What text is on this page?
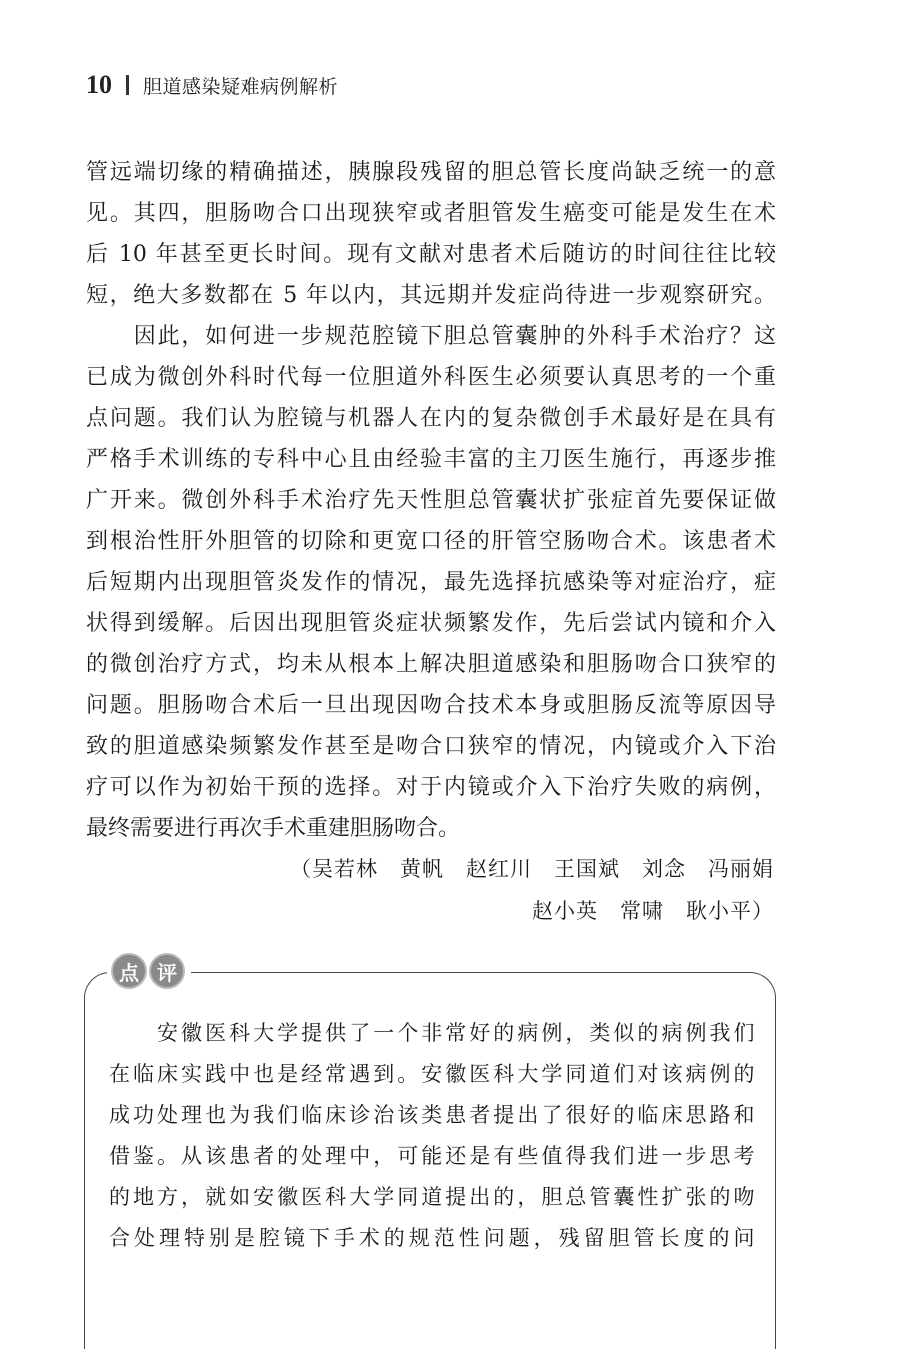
10 胆道感染疑难病例解析

管远端切缘的精确描述，胰腺段残留的胆总管长度尚缺乏统一的意

见。其四，胆肠吻合口出现狭窄或者胆管发生癌变可能是发生在术

后 10 年甚至更长时间。现有文献对患者术后随访的时间往往比较

短，绝大多数都在 5 年以内，其远期并发症尚待进一步观察研究。

　　因此，如何进一步规范腔镜下胆总管囊肿的外科手术治疗？这

已成为微创外科时代每一位胆道外科医生必须要认真思考的一个重

点问题。我们认为腔镜与机器人在内的复杂微创手术最好是在具有

严格手术训练的专科中心且由经验丰富的主刀医生施行，再逐步推

广开来。微创外科手术治疗先天性胆总管囊状扩张症首先要保证做

到根治性肝外胆管的切除和更宽口径的肝管空肠吻合术。该患者术

后短期内出现胆管炎发作的情况，最先选择抗感染等对症治疗，症

状得到缓解。后因出现胆管炎症状频繁发作，先后尝试内镜和介入

的微创治疗方式，均未从根本上解决胆道感染和胆肠吻合口狭窄的

问题。胆肠吻合术后一旦出现因吻合技术本身或胆肠反流等原因导

致的胆道感染频繁发作甚至是吻合口狭窄的情况，内镜或介入下治

疗可以作为初始干预的选择。对于内镜或介入下治疗失败的病例，

最终需要进行再次手术重建胆肠吻合。

（吴若林　黄帆　赵红川　王国斌　刘念　冯丽娟
赵小英　常啸　耿小平）
点 评

　　安徽医科大学提供了一个非常好的病例，类似的病例我们

在临床实践中也是经常遇到。安徽医科大学同道们对该病例的

成功处理也为我们临床诊治该类患者提出了很好的临床思路和

借鉴。从该患者的处理中，可能还是有些值得我们进一步思考

的地方，就如安徽医科大学同道提出的，胆总管囊性扩张的吻

合处理特别是腔镜下手术的规范性问题，残留胆管长度的问
